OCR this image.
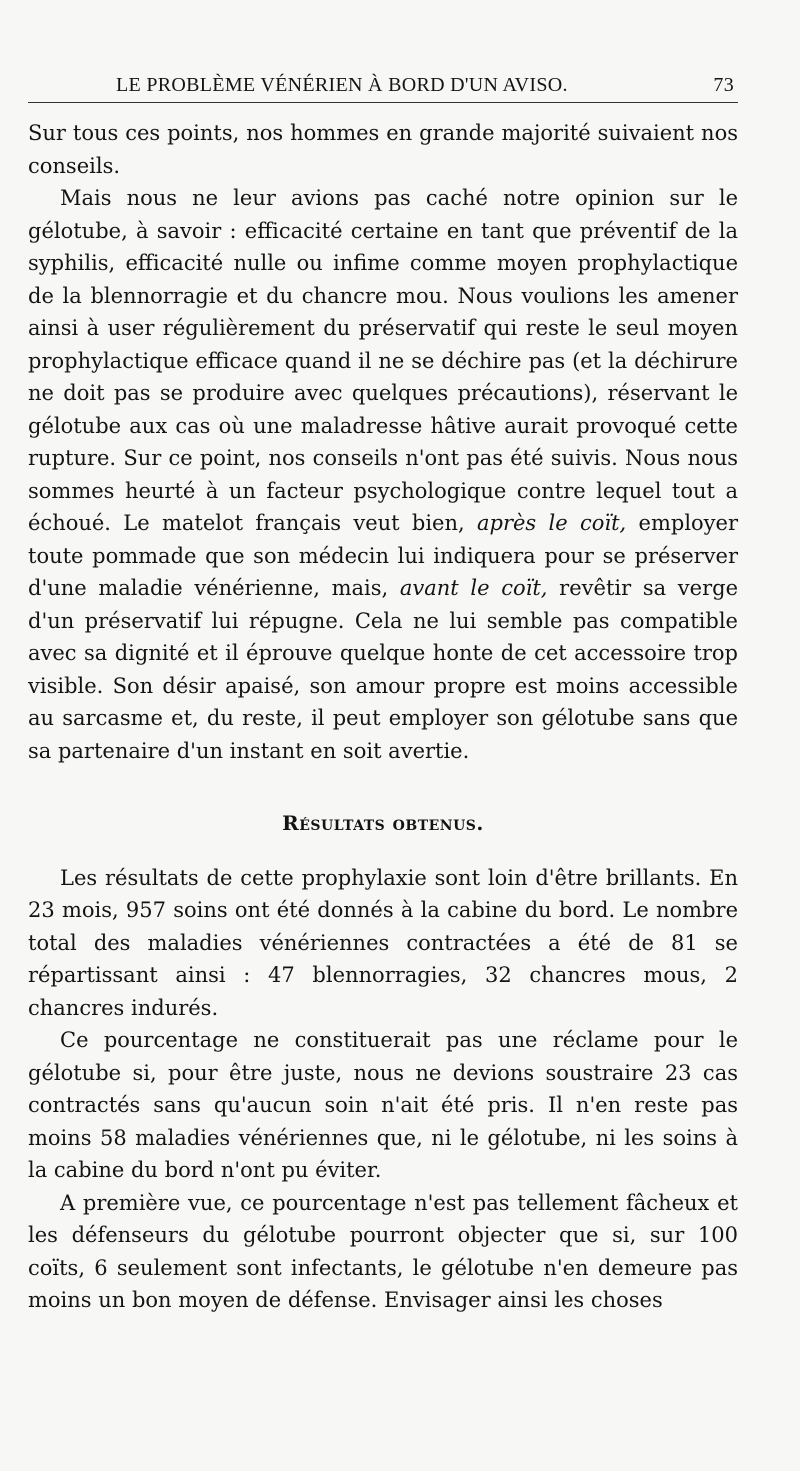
LE PROBLÈME VÉNÉRIEN À BORD D'UN AVISO.	73

Sur tous ces points, nos hommes en grande majorité suivaient nos conseils.

Mais nous ne leur avions pas caché notre opinion sur le gélotube, à savoir : efficacité certaine en tant que préventif de la syphilis, efficacité nulle ou infime comme moyen prophylactique de la blennorragie et du chancre mou. Nous voulions les amener ainsi à user régulièrement du préservatif qui reste le seul moyen prophylactique efficace quand il ne se déchire pas (et la déchirure ne doit pas se produire avec quelques précautions), réservant le gélotube aux cas où une maladresse hâtive aurait provoqué cette rupture. Sur ce point, nos conseils n'ont pas été suivis. Nous nous sommes heurté à un facteur psychologique contre lequel tout a échoué. Le matelot français veut bien, après le coït, employer toute pommade que son médecin lui indiquera pour se préserver d'une maladie vénérienne, mais, avant le coït, revêtir sa verge d'un préservatif lui répugne. Cela ne lui semble pas compatible avec sa dignité et il éprouve quelque honte de cet accessoire trop visible. Son désir apaisé, son amour propre est moins accessible au sarcasme et, du reste, il peut employer son gélotube sans que sa partenaire d'un instant en soit avertie.

Résultats obtenus.

Les résultats de cette prophylaxie sont loin d'être brillants. En 23 mois, 957 soins ont été donnés à la cabine du bord. Le nombre total des maladies vénériennes contractées a été de 81 se répartissant ainsi : 47 blennorragies, 32 chancres mous, 2 chancres indurés.

Ce pourcentage ne constituerait pas une réclame pour le gélotube si, pour être juste, nous ne devions soustraire 23 cas contractés sans qu'aucun soin n'ait été pris. Il n'en reste pas moins 58 maladies vénériennes que, ni le gélotube, ni les soins à la cabine du bord n'ont pu éviter.

A première vue, ce pourcentage n'est pas tellement fâcheux et les défenseurs du gélotube pourront objecter que si, sur 100 coïts, 6 seulement sont infectants, le gélotube n'en demeure pas moins un bon moyen de défense. Envisager ainsi les choses
